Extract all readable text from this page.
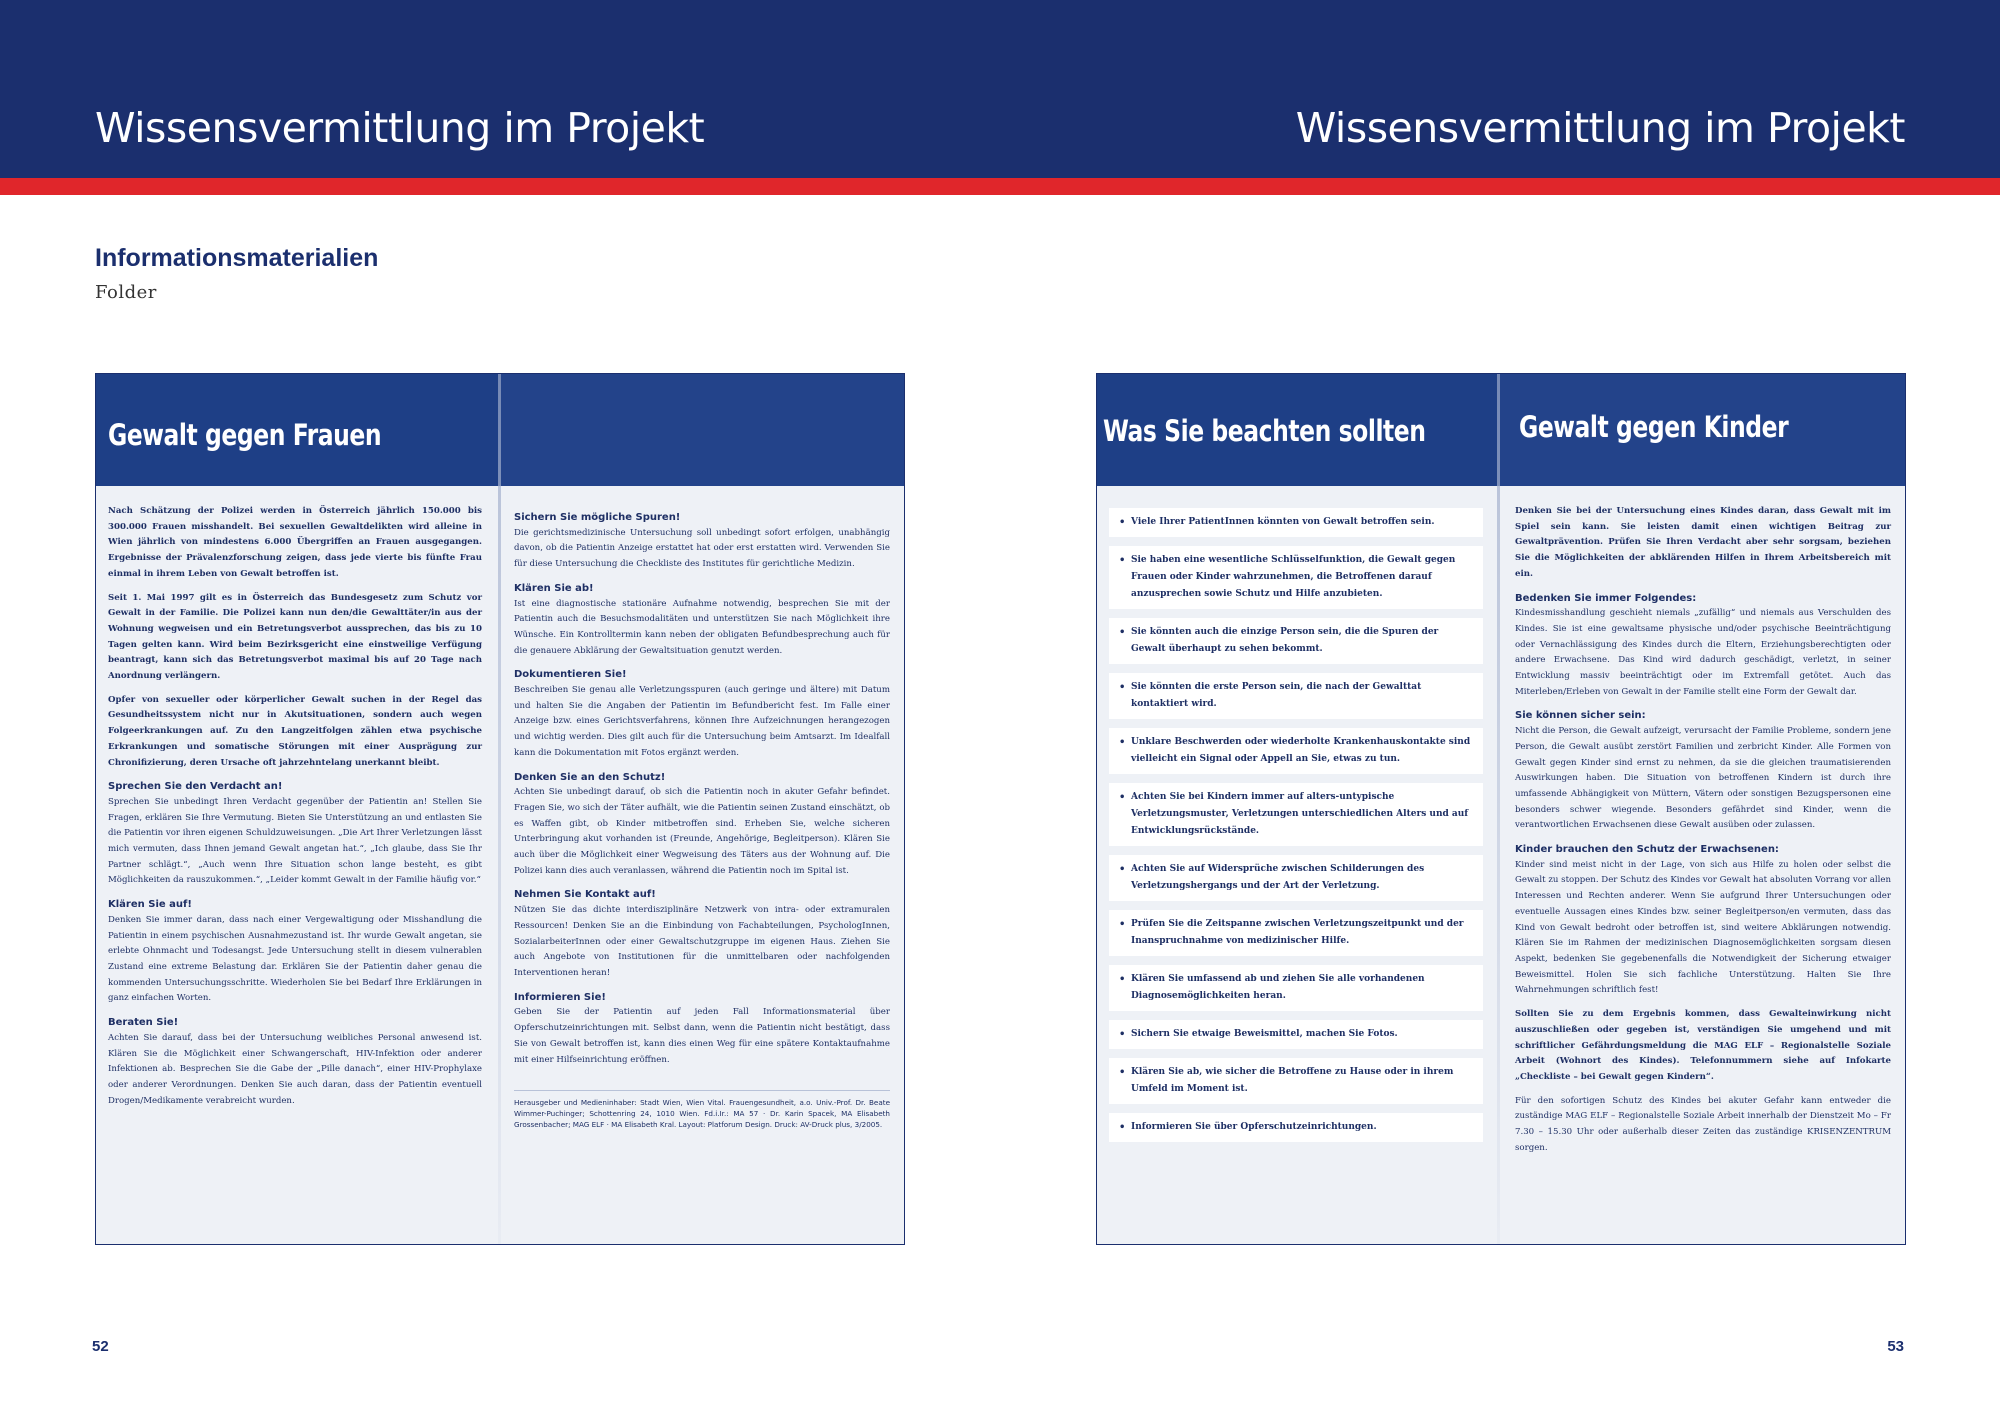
Wissensvermittlung im Projekt	Wissensvermittlung im Projekt
Informationsmaterialien
Folder
Gewalt gegen Frauen

Nach Schätzung der Polizei werden in Österreich jährlich 150.000 bis 300.000 Frauen misshandelt. Bei sexuellen Gewaltdelikten wird alleine in Wien jährlich von mindestens 6.000 Übergriffen an Frauen ausgegangen. Ergebnisse der Prävalenzforschung zeigen, dass jede vierte bis fünfte Frau einmal in ihrem Leben von Gewalt betroffen ist.

Seit 1. Mai 1997 gilt es in Österreich das Bundesgesetz zum Schutz vor Gewalt in der Familie. Die Polizei kann nun den/die Gewalttäter/in aus der Wohnung wegweisen und ein Betretungsverbot aussprechen, das bis zu 10 Tagen gelten kann. Wird beim Bezirksgericht eine einstweilige Verfügung beantragt, kann sich das Betretungsverbot maximal bis auf 20 Tage nach Anordnung verlängern.

Opfer von sexueller oder körperlicher Gewalt suchen in der Regel das Gesundheitssystem nicht nur in Akutsituationen, sondern auch wegen Folgeerkrankungen auf. Zu den Langzeitfolgen zählen etwa psychische Erkrankungen und somatische Störungen mit einer Ausprägung zur Chronifizierung, deren Ursache oft jahrzehntelang unerkannt bleibt.

Sprechen Sie den Verdacht an!

Sprechen Sie unbedingt Ihren Verdacht gegenüber der Patientin an! Stellen Sie Fragen, erklären Sie Ihre Vermutung. Bieten Sie Unterstützung an und entlasten Sie die Patientin vor ihren eigenen Schuldzuweisungen. „Die Art Ihrer Verletzungen lässt mich vermuten, dass Ihnen jemand Gewalt angetan hat.“, „Ich glaube, dass Sie Ihr Partner schlägt.“, „Auch wenn Ihre Situation schon lange besteht, es gibt Möglichkeiten da rauszukommen.“, „Leider kommt Gewalt in der Familie häufig vor.“

Klären Sie auf!

Denken Sie immer daran, dass nach einer Vergewaltigung oder Misshandlung die Patientin in einem psychischen Ausnahmezustand ist. Ihr wurde Gewalt angetan, sie erlebte Ohnmacht und Todesangst. Jede Untersuchung stellt in diesem vulnerablen Zustand eine extreme Belastung dar. Erklären Sie der Patientin daher genau die kommenden Untersuchungsschritte. Wiederholen Sie bei Bedarf Ihre Erklärungen in ganz einfachen Worten.

Beraten Sie!

Achten Sie darauf, dass bei der Untersuchung weibliches Personal anwesend ist. Klären Sie die Möglichkeit einer Schwangerschaft, HIV-Infektion oder anderer Infektionen ab. Besprechen Sie die Gabe der „Pille danach“, einer HIV-Prophylaxe oder anderer Verordnungen. Denken Sie auch daran, dass der Patientin eventuell Drogen/Medikamente verabreicht wurden.

Sichern Sie mögliche Spuren!

Die gerichtsmedizinische Untersuchung soll unbedingt sofort erfolgen, unabhängig davon, ob die Patientin Anzeige erstattet hat oder erst erstatten wird. Verwenden Sie für diese Untersuchung die Checkliste des Institutes für gerichtliche Medizin.

Klären Sie ab!

Ist eine diagnostische stationäre Aufnahme notwendig, besprechen Sie mit der Patientin auch die Besuchsmodalitäten und unterstützen Sie nach Möglichkeit ihre Wünsche. Ein Kontrolltermin kann neben der obligaten Befundbesprechung auch für die genauere Abklärung der Gewaltsituation genutzt werden.

Dokumentieren Sie!

Beschreiben Sie genau alle Verletzungsspuren (auch geringe und ältere) mit Datum und halten Sie die Angaben der Patientin im Befundbericht fest. Im Falle einer Anzeige bzw. eines Gerichtsverfahrens, können Ihre Aufzeichnungen herangezogen und wichtig werden. Dies gilt auch für die Untersuchung beim Amtsarzt. Im Idealfall kann die Dokumentation mit Fotos ergänzt werden.

Denken Sie an den Schutz!

Achten Sie unbedingt darauf, ob sich die Patientin noch in akuter Gefahr befindet. Fragen Sie, wo sich der Täter aufhält, wie die Patientin seinen Zustand einschätzt, ob es Waffen gibt, ob Kinder mitbetroffen sind. Erheben Sie, welche sicheren Unterbringung akut vorhanden ist (Freunde, Angehörige, Begleitperson). Klären Sie auch über die Möglichkeit einer Wegweisung des Täters aus der Wohnung auf. Die Polizei kann dies auch veranlassen, während die Patientin noch im Spital ist.

Nehmen Sie Kontakt auf!

Nützen Sie das dichte interdisziplinäre Netzwerk von intra- oder extramuralen Ressourcen! Denken Sie an die Einbindung von Fachabteilungen, PsychologInnen, SozialarbeiterInnen oder einer Gewaltschutzgruppe im eigenen Haus. Ziehen Sie auch Angebote von Institutionen für die unmittelbaren oder nachfolgenden Interventionen heran!

Informieren Sie!

Geben Sie der Patientin auf jeden Fall Informationsmaterial über Opferschutzeinrichtungen mit. Selbst dann, wenn die Patientin nicht bestätigt, dass Sie von Gewalt betroffen ist, kann dies einen Weg für eine spätere Kontaktaufnahme mit einer Hilfseinrichtung eröffnen.

Herausgeber und Medieninhaber: Stadt Wien, Wien Vital. Frauengesundheit, a.o. Univ.-Prof. Dr. Beate Wimmer-Puchinger; Schottenring 24, 1010 Wien. Fd.i.Ir.: MA 57 · Dr. Karin Spacek, MA Elisabeth Grossenbacher; MAG ELF · MA Elisabeth Kral. Layout: Platforum Design. Druck: AV-Druck plus, 3/2005.
Was Sie beachten sollten	Gewalt gegen Kinder
• Viele Ihrer PatientInnen könnten von Gewalt betroffen sein.
• Sie haben eine wesentliche Schlüsselfunktion, die Gewalt gegen Frauen oder Kinder wahrzunehmen, die Betroffenen darauf anzusprechen sowie Schutz und Hilfe anzubieten.
• Sie könnten auch die einzige Person sein, die die Spuren der Gewalt überhaupt zu sehen bekommt.
• Sie könnten die erste Person sein, die nach der Gewalttat kontaktiert wird.
• Unklare Beschwerden oder wiederholte Krankenhauskontakte sind vielleicht ein Signal oder Appell an Sie, etwas zu tun.
• Achten Sie bei Kindern immer auf alters-untypische Verletzungsmuster, Verletzungen unterschiedlichen Alters und auf Entwicklungsrückstände.
• Achten Sie auf Widersprüche zwischen Schilderungen des Verletzungshergangs und der Art der Verletzung.
• Prüfen Sie die Zeitspanne zwischen Verletzungszeitpunkt und der Inanspruchnahme von medizinischer Hilfe.
• Klären Sie umfassend ab und ziehen Sie alle vorhandenen Diagnosemöglichkeiten heran.
• Sichern Sie etwaige Beweismittel, machen Sie Fotos.
• Klären Sie ab, wie sicher die Betroffene zu Hause oder in ihrem Umfeld im Moment ist.
• Informieren Sie über Opferschutzeinrichtungen.

Denken Sie bei der Untersuchung eines Kindes daran, dass Gewalt mit im Spiel sein kann. Sie leisten damit einen wichtigen Beitrag zur Gewaltprävention. Prüfen Sie Ihren Verdacht aber sehr sorgsam, beziehen Sie die Möglichkeiten der abklärenden Hilfen in Ihrem Arbeitsbereich mit ein.

Bedenken Sie immer Folgendes:

Kindesmisshandlung geschieht niemals „zufällig“ und niemals aus Verschulden des Kindes. Sie ist eine gewaltsame physische und/oder psychische Beeinträchtigung oder Vernachlässigung des Kindes durch die Eltern, Erziehungsberechtigten oder andere Erwachsene. Das Kind wird dadurch geschädigt, verletzt, in seiner Entwicklung massiv beeinträchtigt oder im Extremfall getötet. Auch das Miterleben/Erleben von Gewalt in der Familie stellt eine Form der Gewalt dar.

Sie können sicher sein:

Nicht die Person, die Gewalt aufzeigt, verursacht der Familie Probleme, sondern jene Person, die Gewalt ausübt zerstört Familien und zerbricht Kinder. Alle Formen von Gewalt gegen Kinder sind ernst zu nehmen, da sie die gleichen traumatisierenden Auswirkungen haben. Die Situation von betroffenen Kindern ist durch ihre umfassende Abhängigkeit von Müttern, Vätern oder sonstigen Bezugspersonen eine besonders schwer wiegende. Besonders gefährdet sind Kinder, wenn die verantwortlichen Erwachsenen diese Gewalt ausüben oder zulassen.

Kinder brauchen den Schutz der Erwachsenen:

Kinder sind meist nicht in der Lage, von sich aus Hilfe zu holen oder selbst die Gewalt zu stoppen. Der Schutz des Kindes vor Gewalt hat absoluten Vorrang vor allen Interessen und Rechten anderer. Wenn Sie aufgrund Ihrer Untersuchungen oder eventuelle Aussagen eines Kindes bzw. seiner Begleitperson/en vermuten, dass das Kind von Gewalt bedroht oder betroffen ist, sind weitere Abklärungen notwendig. Klären Sie im Rahmen der medizinischen Diagnosemöglichkeiten sorgsam diesen Aspekt, bedenken Sie gegebenenfalls die Notwendigkeit der Sicherung etwaiger Beweismittel. Holen Sie sich fachliche Unterstützung. Halten Sie Ihre Wahrnehmungen schriftlich fest!

Sollten Sie zu dem Ergebnis kommen, dass Gewalteinwirkung nicht auszuschließen oder gegeben ist, verständigen Sie umgehend und mit schriftlicher Gefährdungsmeldung die MAG ELF – Regionalstelle Soziale Arbeit (Wohnort des Kindes). Telefonnummern siehe auf Infokarte „Checkliste – bei Gewalt gegen Kindern“.

Für den sofortigen Schutz des Kindes bei akuter Gefahr kann entweder die zuständige MAG ELF – Regionalstelle Soziale Arbeit innerhalb der Dienstzeit Mo – Fr 7.30 – 15.30 Uhr oder außerhalb dieser Zeiten das zuständige KRISENZENTRUM sorgen.

52	53
